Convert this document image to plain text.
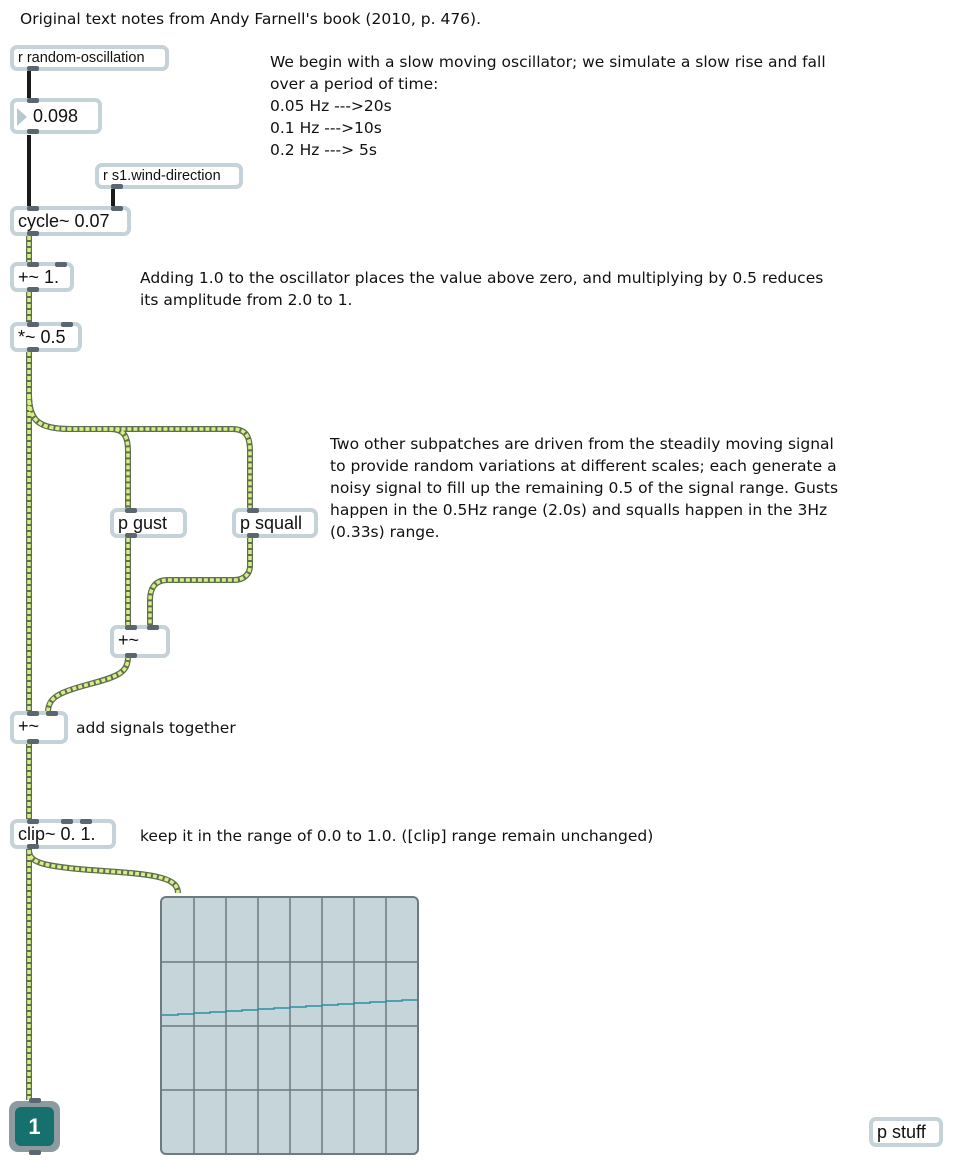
Original text notes from Andy Farnell's book (2010, p. 476).
We begin with a slow moving oscillator; we simulate a slow rise and fall
over a period of time:
0.05 Hz --->20s
0.1 Hz --->10s
0.2 Hz ---> 5s
Adding 1.0 to the oscillator places the value above zero, and multiplying by 0.5 reduces
its amplitude from 2.0 to 1.
Two other subpatches are driven from the steadily moving signal
to provide random variations at different scales; each generate a
noisy signal to fill up the remaining 0.5 of the signal range. Gusts
happen in the 0.5Hz range (2.0s) and squalls happen in the 3Hz
(0.33s) range.
add signals together
keep it in the range of 0.0 to 1.0. ([clip] range remain unchanged)
r random-oscillation
0.098
r s1.wind-direction
cycle~ 0.07
+~ 1.
*~ 0.5
p gust	p squall
+~
+~
clip~ 0. 1.
1	p stuff
